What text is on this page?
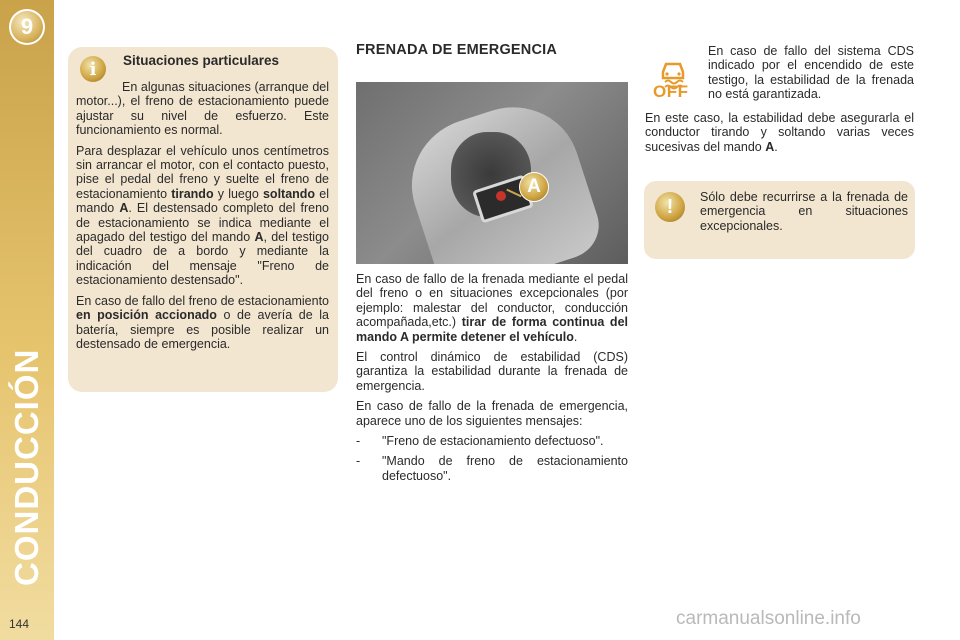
9
CONDUCCIÓN
144
i	Situaciones particulares

En algunas situaciones (arranque del motor...), el freno de estacionamiento puede ajustar su nivel de esfuerzo. Este funcionamiento es normal.

Para desplazar el vehículo unos centímetros sin arrancar el motor, con el contacto puesto, pise el pedal del freno y suelte el freno de estacionamiento tirando y luego soltando el mando A. El destensado completo del freno de estacionamiento se indica mediante el apagado del testigo del mando A, del testigo del cuadro de a bordo y mediante la indicación del mensaje "Freno de estacionamiento destensado".

En caso de fallo del freno de estacionamiento en posición accionado o de avería de la batería, siempre es posible realizar un destensado de emergencia.

FRENADA DE EMERGENCIA
A

En caso de fallo de la frenada mediante el pedal del freno o en situaciones excepcionales (por ejemplo: malestar del conductor, conducción acompañada,etc.) tirar de forma continua del mando A permite detener el vehículo.

El control dinámico de estabilidad (CDS) garantiza la estabilidad durante la frenada de emergencia.

En caso de fallo de la frenada de emergencia, aparece uno de los siguientes mensajes:

- "Freno de estacionamiento defectuoso".
- "Mando de freno de estacionamiento defectuoso".
OFF
En caso de fallo del sistema CDS indicado por el encendido de este testigo, la estabilidad de la frenada no está garantizada.
En este caso, la estabilidad debe asegurarla el conductor tirando y soltando varias veces sucesivas del mando A.
!	Sólo debe recurrirse a la frenada de emergencia en situaciones excepcionales.
carmanualsonline.info
